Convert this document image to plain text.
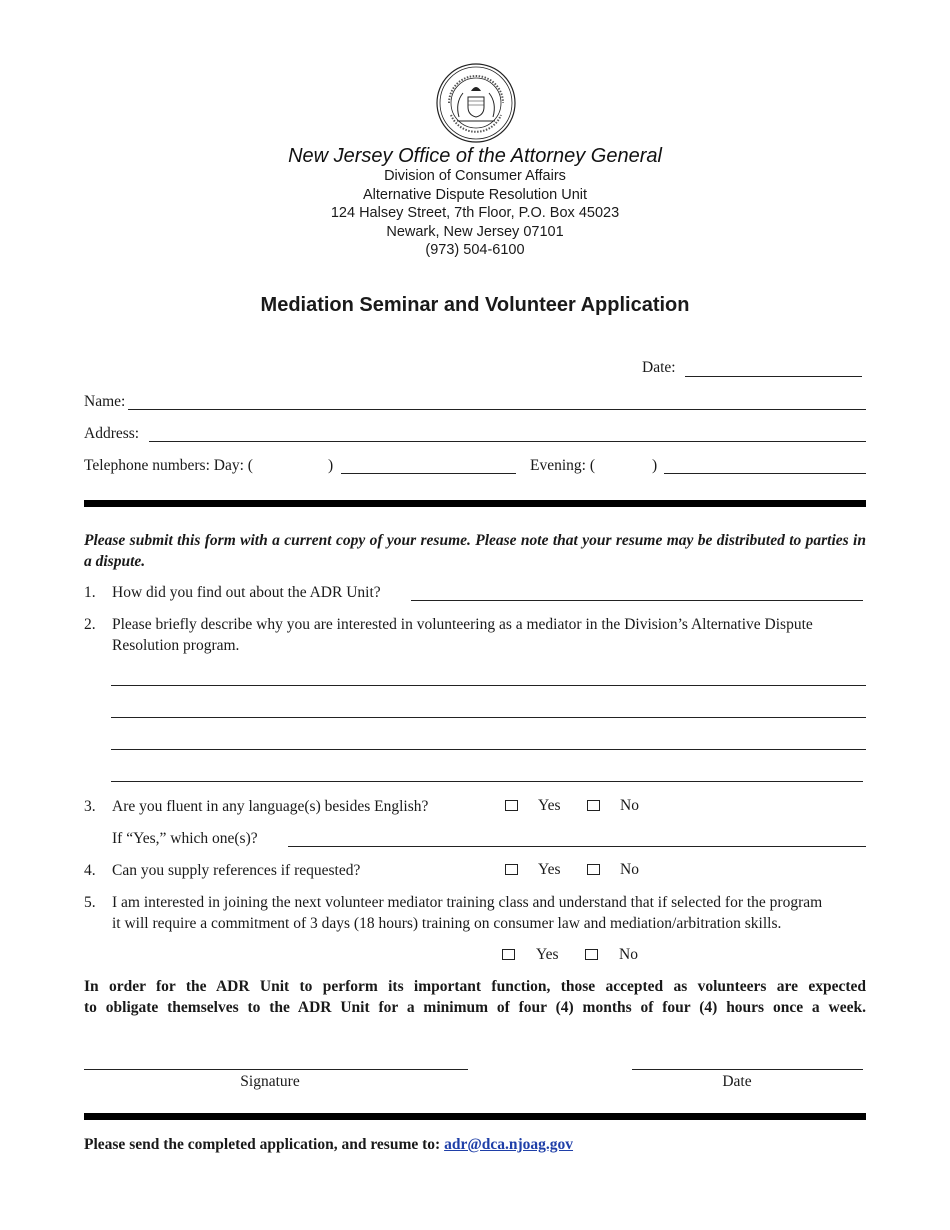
New Jersey Office of the Attorney General
Division of Consumer Affairs
Alternative Dispute Resolution Unit
124 Halsey Street, 7th Floor, P.O. Box 45023
Newark, New Jersey 07101
(973) 504-6100
Mediation Seminar and Volunteer Application
Date:
Name:
Address:
Telephone numbers: Day: (	)	Evening: (	)
Please submit this form with a current copy of your resume. Please note that your resume may be distributed to parties in a dispute.
1. How did you find out about the ADR Unit?
2. Please briefly describe why you are interested in volunteering as a mediator in the Division’s Alternative Dispute
Resolution program.
3. Are you fluent in any language(s) besides English?	Yes	No
If “Yes,” which one(s)?
4. Can you supply references if requested?	Yes	No
5. I am interested in joining the next volunteer mediator training class and understand that if selected for the program
it will require a commitment of 3 days (18 hours) training on consumer law and mediation/arbitration skills.
Yes	No
In order for the ADR Unit to perform its important function, those accepted as volunteers are expected
to obligate themselves to the ADR Unit for a minimum of four (4) months of four (4) hours once a week.
Signature	Date
Please send the completed application, and resume to: adr@dca.njoag.gov
